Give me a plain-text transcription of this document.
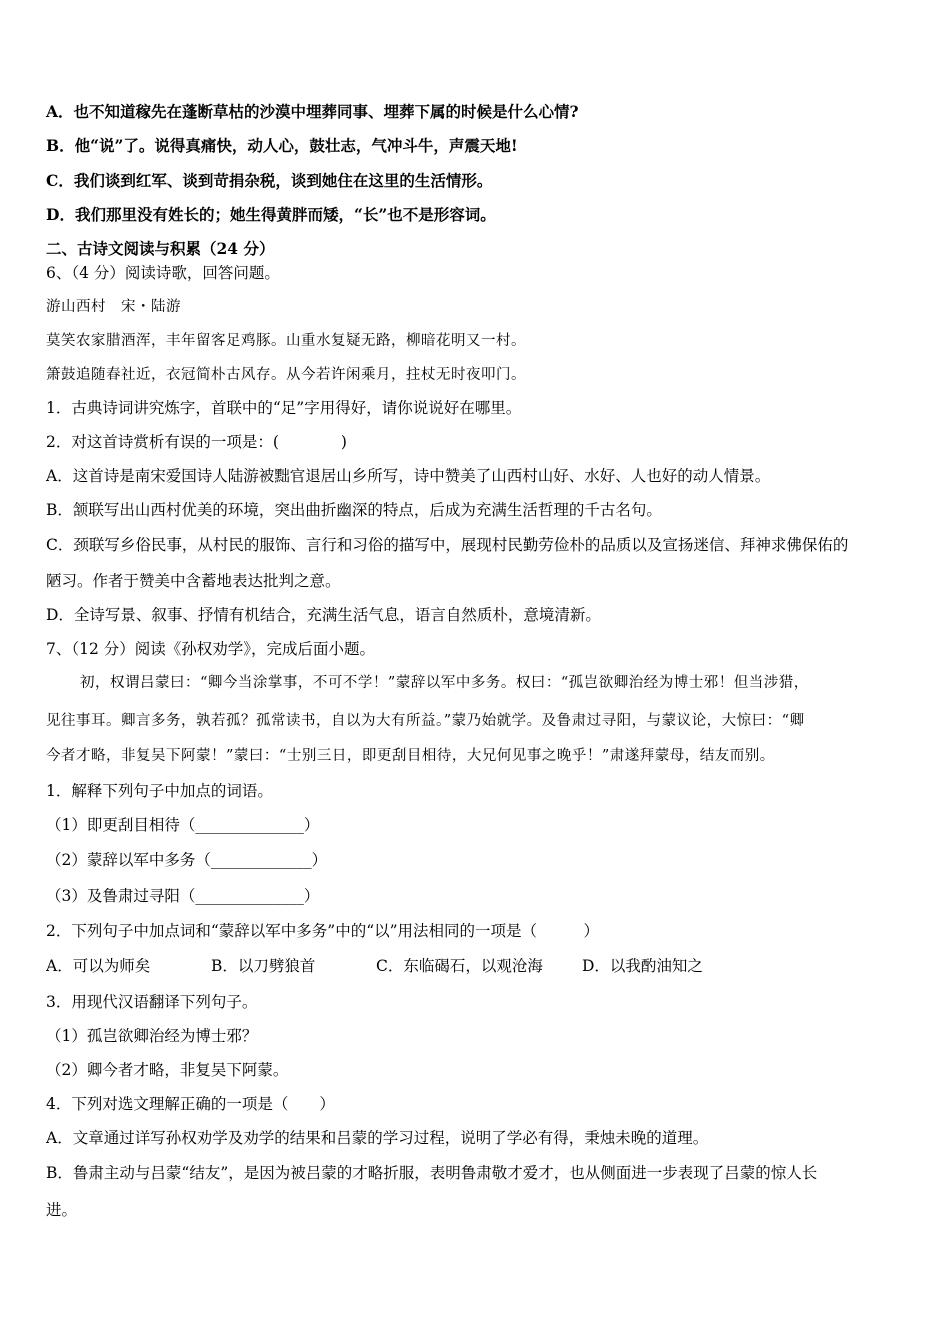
A．也不知道稼先在蓬断草枯的沙漠中埋葬同事、埋葬下属的时候是什么心情?
B．他“说”了。说得真痛快，动人心，鼓壮志，气冲斗牛，声震天地!
C．我们谈到红军、谈到苛捐杂税，谈到她住在这里的生活情形。
D．我们那里没有姓长的；她生得黄胖而矮，“长”也不是形容词。
二、古诗文阅读与积累（24 分）
6、（4 分）阅读诗歌，回答问题。
游山西村　宋・陆游
莫笑农家腊酒浑，丰年留客足鸡豚。山重水复疑无路，柳暗花明又一村。
箫鼓追随春社近，衣冠简朴古风存。从今若许闲乘月，拄杖无时夜叩门。
1．古典诗词讲究炼字，首联中的“足”字用得好，请你说说好在哪里。
2．对这首诗赏析有误的一项是：(　　　　)
A．这首诗是南宋爱国诗人陆游被黜官退居山乡所写，诗中赞美了山西村山好、水好、人也好的动人情景。
B．颔联写出山西村优美的环境，突出曲折幽深的特点，后成为充满生活哲理的千古名句。
C．颈联写乡俗民事，从村民的服饰、言行和习俗的描写中，展现村民勤劳俭朴的品质以及宣扬迷信、拜神求佛保佑的
陋习。作者于赞美中含蓄地表达批判之意。
D．全诗写景、叙事、抒情有机结合，充满生活气息，语言自然质朴，意境清新。
7、（12 分）阅读《孙权劝学》，完成后面小题。
初，权谓吕蒙曰：“卿今当涂掌事，不可不学！”蒙辞以军中多务。权曰：“孤岂欲卿治经为博士邪！但当涉猎，
见往事耳。卿言多务，孰若孤？孤常读书，自以为大有所益。”蒙乃始就学。及鲁肃过寻阳，与蒙议论，大惊曰：“卿
今者才略，非复吴下阿蒙！”蒙曰：“士别三日，即更刮目相待，大兄何见事之晚乎！”肃遂拜蒙母，结友而别。
1．解释下列句子中加点的词语。
（1）即更刮目相待（______________）
（2）蒙辞以军中多务（_____________）
（3）及鲁肃过寻阳（______________）
2．下列句子中加点词和“蒙辞以军中多务”中的“以”用法相同的一项是（　　　）
A．可以为师矣	B．以刀劈狼首	C．东临碣石，以观沧海	D．以我酌油知之
3．用现代汉语翻译下列句子。
（1）孤岂欲卿治经为博士邪？
（2）卿今者才略，非复吴下阿蒙。
4．下列对选文理解正确的一项是（　　）
A．文章通过详写孙权劝学及劝学的结果和吕蒙的学习过程，说明了学必有得，秉烛未晚的道理。
B．鲁肃主动与吕蒙“结友”，是因为被吕蒙的才略折服，表明鲁肃敬才爱才，也从侧面进一步表现了吕蒙的惊人长
进。
